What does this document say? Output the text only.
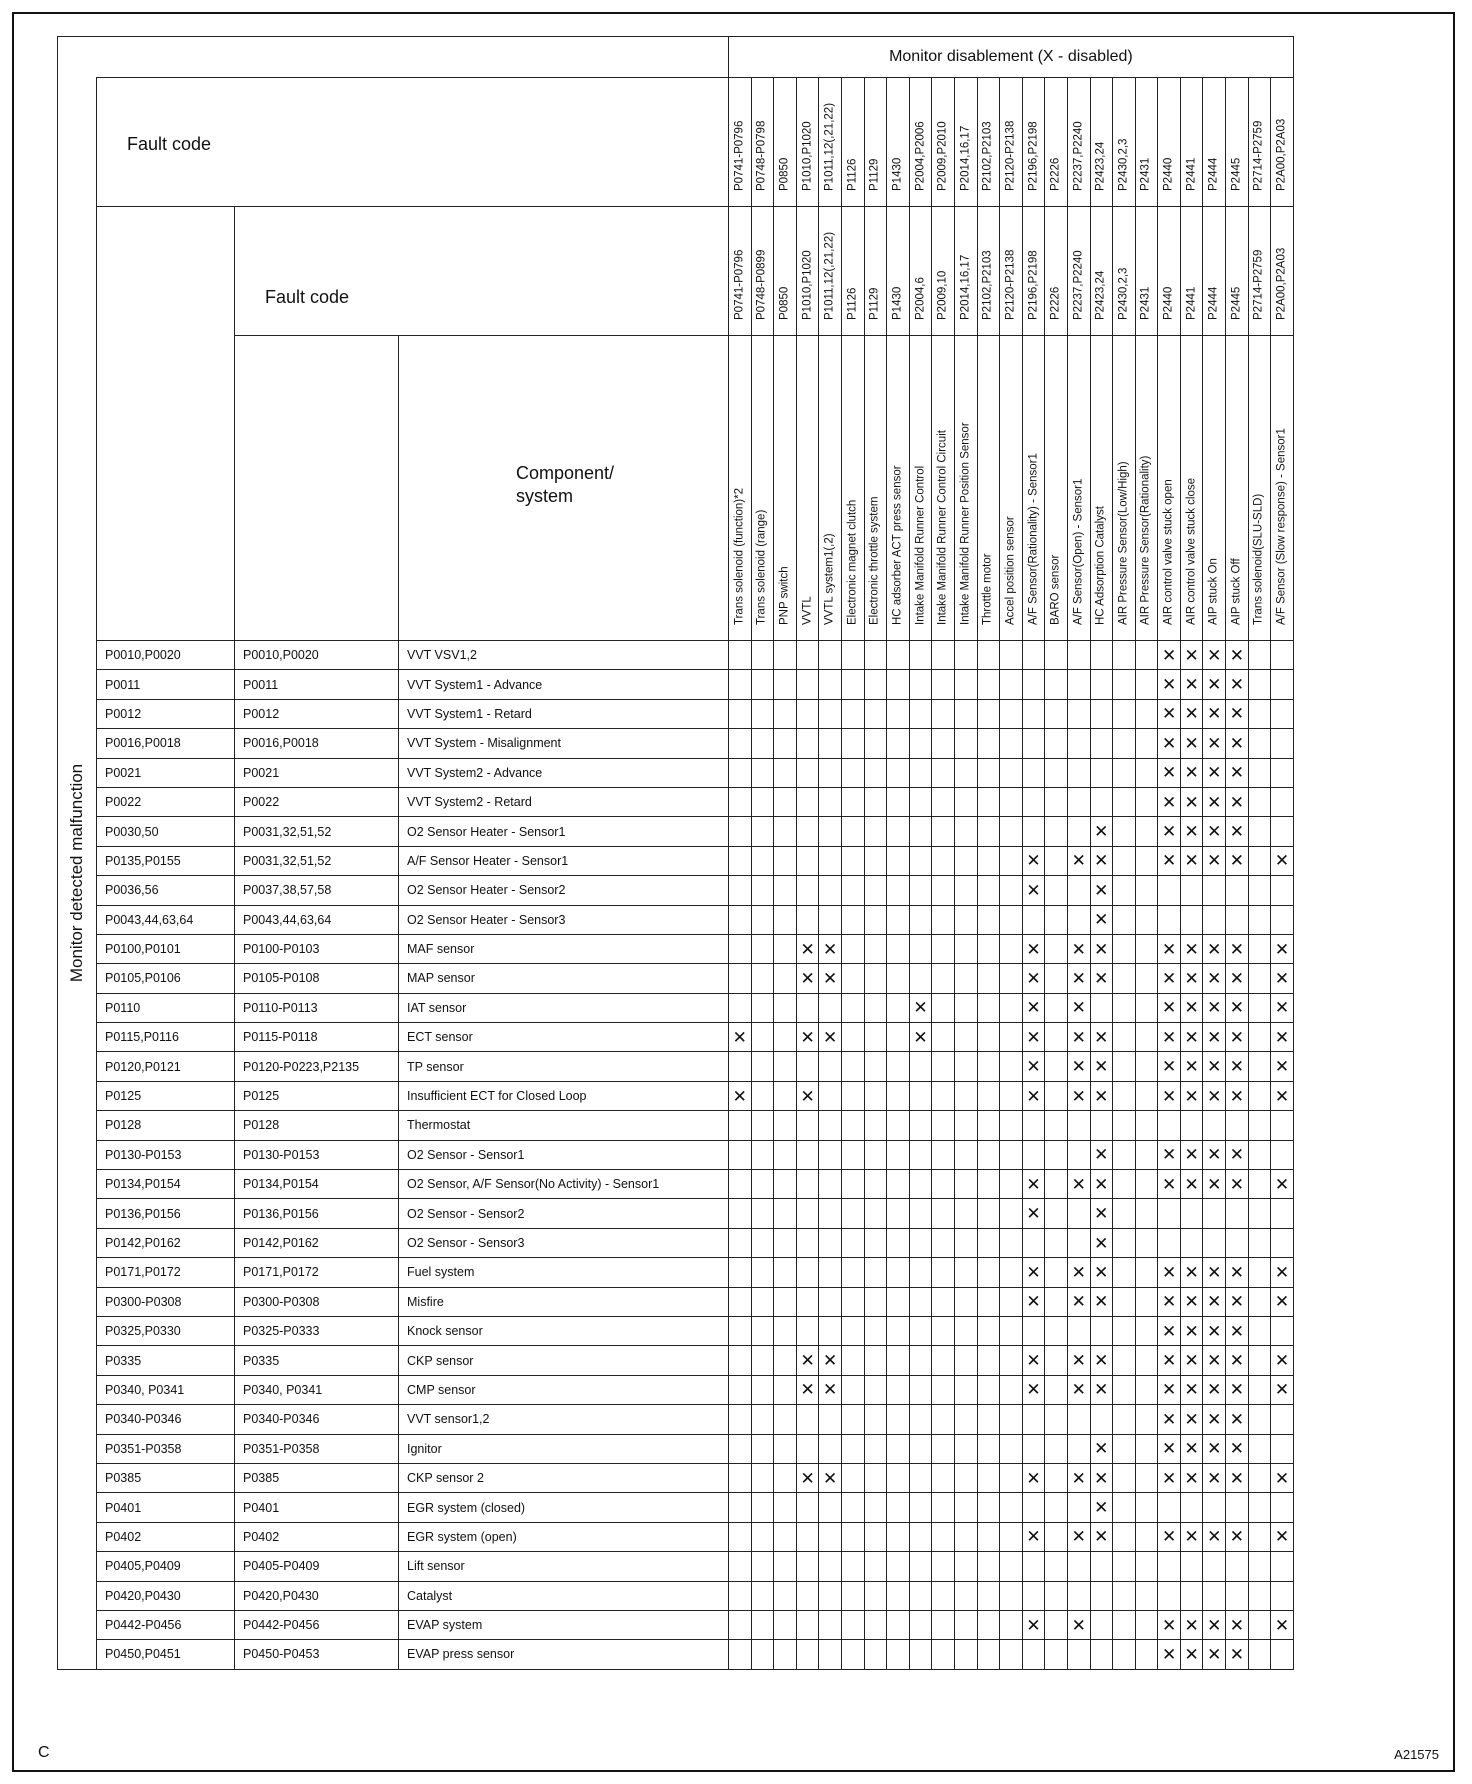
				Monitor disablement (X - disabled)																								

Monitor detected malfunction	Fault code			P0741-P0796	P0748-P0798	P0850	P1010,P1020	P1011,12(,21,22)	P1126	P1129	P1430	P2004,P2006	P2009,P2010	P2014,16,17	P2102,P2103	P2120-P2138	P2196,P2198	P2226	P2237,P2240	P2423,24	P2430,2,3	P2431	P2440	P2441	P2444	P2445	P2714-P2759	P2A00,P2A03

		Fault code		P0741-P0796	P0748-P0899	P0850	P1010,P1020	P1011,12(,21,22)	P1126	P1129	P1430	P2004,6	P2009,10	P2014,16,17	P2102,P2103	P2120-P2138	P2196,P2198	P2226	P2237,P2240	P2423,24	P2430,2,3	P2431	P2440	P2441	P2444	P2445	P2714-P2759	P2A00,P2A03

			Component/
system	Trans solenoid (function)*2	Trans solenoid (range)	PNP switch	VVTL	VVTL system1(,2)	Electronic magnet clutch	Electronic throttle system	HC adsorber ACT press sensor	Intake Manifold Runner Control	Intake Manifold Runner Control Circuit	Intake Manifold Runner Position Sensor	Throttle motor	Accel position sensor	A/F Sensor(Rationality) - Sensor1	BARO sensor	A/F Sensor(Open) - Sensor1	HC Adsorption Catalyst	AIR Pressure Sensor(Low/High)	AIR Pressure Sensor(Rationality)	AIR control valve stuck open	AIR control valve stuck close	AIP stuck On	AIP stuck Off	Trans solenoid(SLU-SLD)	A/F Sensor (Slow response) - Sensor1

	P0010,P0020	P0010,P0020	VVT VSV1,2																				✕	✕	✕	✕		
	P0011	P0011	VVT System1 - Advance																				✕	✕	✕	✕		
	P0012	P0012	VVT System1 - Retard																				✕	✕	✕	✕		
	P0016,P0018	P0016,P0018	VVT System - Misalignment																				✕	✕	✕	✕		
	P0021	P0021	VVT System2 - Advance																				✕	✕	✕	✕		
	P0022	P0022	VVT System2 - Retard																				✕	✕	✕	✕		
	P0030,50	P0031,32,51,52	O2 Sensor Heater - Sensor1																	✕			✕	✕	✕	✕		
	P0135,P0155	P0031,32,51,52	A/F Sensor Heater - Sensor1														✕		✕	✕			✕	✕	✕	✕		✕
	P0036,56	P0037,38,57,58	O2 Sensor Heater - Sensor2														✕			✕								
	P0043,44,63,64	P0043,44,63,64	O2 Sensor Heater - Sensor3																	✕								
	P0100,P0101	P0100-P0103	MAF sensor				✕	✕									✕		✕	✕			✕	✕	✕	✕		✕
	P0105,P0106	P0105-P0108	MAP sensor				✕	✕									✕		✕	✕			✕	✕	✕	✕		✕
	P0110	P0110-P0113	IAT sensor									✕					✕		✕				✕	✕	✕	✕		✕
	P0115,P0116	P0115-P0118	ECT sensor	✕			✕	✕				✕					✕		✕	✕			✕	✕	✕	✕		✕
	P0120,P0121	P0120-P0223,P2135	TP sensor														✕		✕	✕			✕	✕	✕	✕		✕
	P0125	P0125	Insufficient ECT for Closed Loop	✕			✕										✕		✕	✕			✕	✕	✕	✕		✕
	P0128	P0128	Thermostat																									
	P0130-P0153	P0130-P0153	O2 Sensor - Sensor1																	✕			✕	✕	✕	✕		
	P0134,P0154	P0134,P0154	O2 Sensor, A/F Sensor(No Activity) - Sensor1														✕		✕	✕			✕	✕	✕	✕		✕
	P0136,P0156	P0136,P0156	O2 Sensor - Sensor2														✕			✕								
	P0142,P0162	P0142,P0162	O2 Sensor - Sensor3																	✕								
	P0171,P0172	P0171,P0172	Fuel system														✕		✕	✕			✕	✕	✕	✕		✕
	P0300-P0308	P0300-P0308	Misfire														✕		✕	✕			✕	✕	✕	✕		✕
	P0325,P0330	P0325-P0333	Knock sensor																				✕	✕	✕	✕		
	P0335	P0335	CKP sensor				✕	✕									✕		✕	✕			✕	✕	✕	✕		✕
	P0340, P0341	P0340, P0341	CMP sensor				✕	✕									✕		✕	✕			✕	✕	✕	✕		✕
	P0340-P0346	P0340-P0346	VVT sensor1,2																				✕	✕	✕	✕		
	P0351-P0358	P0351-P0358	Ignitor																	✕			✕	✕	✕	✕		
	P0385	P0385	CKP sensor 2				✕	✕									✕		✕	✕			✕	✕	✕	✕		✕
	P0401	P0401	EGR system (closed)																	✕								
	P0402	P0402	EGR system (open)														✕		✕	✕			✕	✕	✕	✕		✕
	P0405,P0409	P0405-P0409	Lift sensor																									
	P0420,P0430	P0420,P0430	Catalyst																									
	P0442-P0456	P0442-P0456	EVAP system														✕		✕				✕	✕	✕	✕		✕
	P0450,P0451	P0450-P0453	EVAP press sensor																				✕	✕	✕	✕		
C	A21575
